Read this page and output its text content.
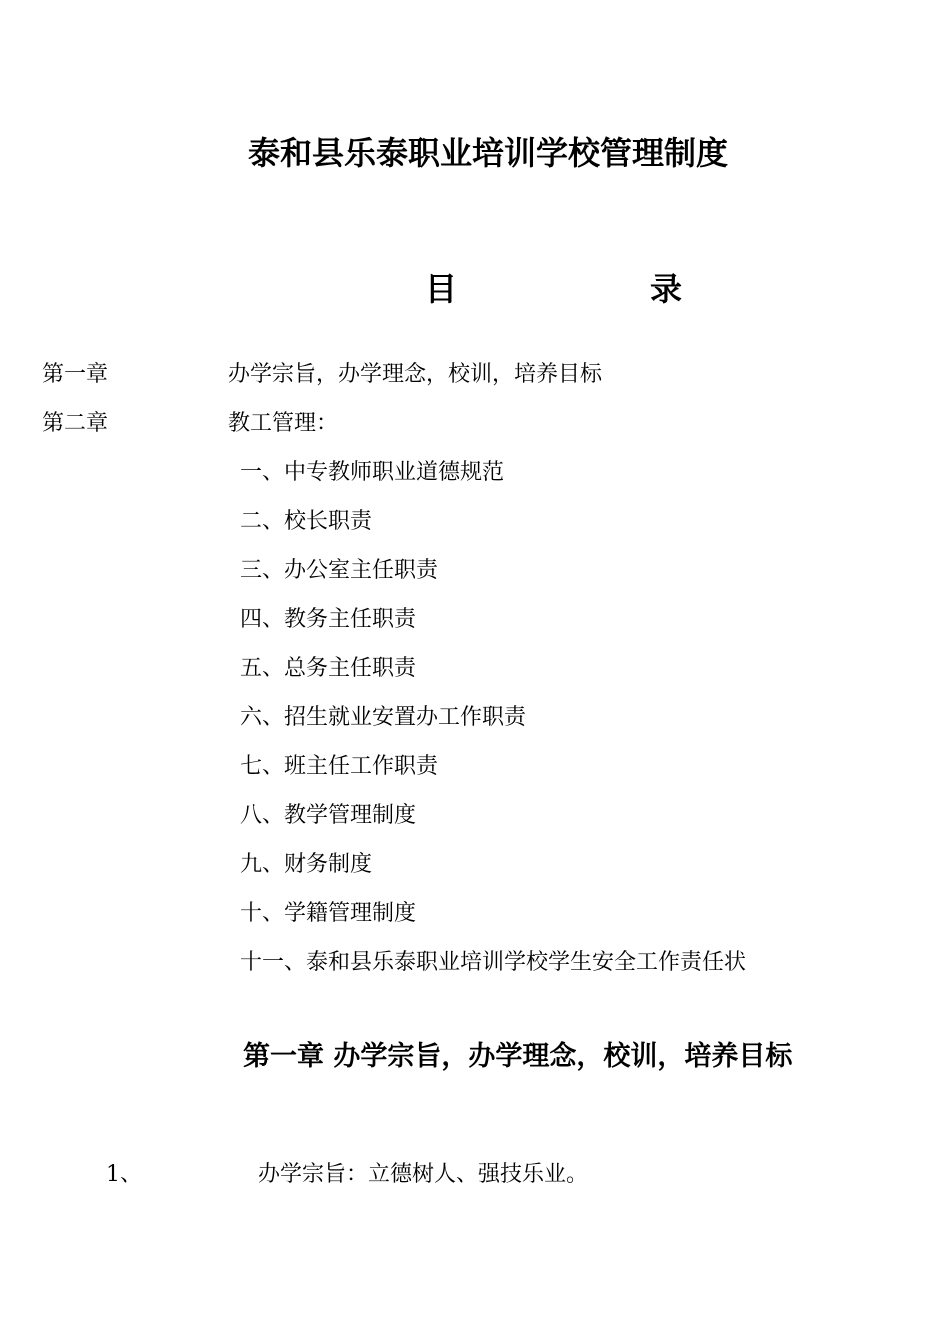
泰和县乐泰职业培训学校管理制度
目	录
第一章	办学宗旨，办学理念，校训，培养目标
第二章	教工管理：
一、中专教师职业道德规范
二、校长职责
三、办公室主任职责
四、教务主任职责
五、总务主任职责
六、招生就业安置办工作职责
七、班主任工作职责
八、教学管理制度
九、财务制度
十、学籍管理制度
十一、泰和县乐泰职业培训学校学生安全工作责任状
第一章 办学宗旨，办学理念，校训，培养目标
1、	办学宗旨：立德树人、强技乐业。
